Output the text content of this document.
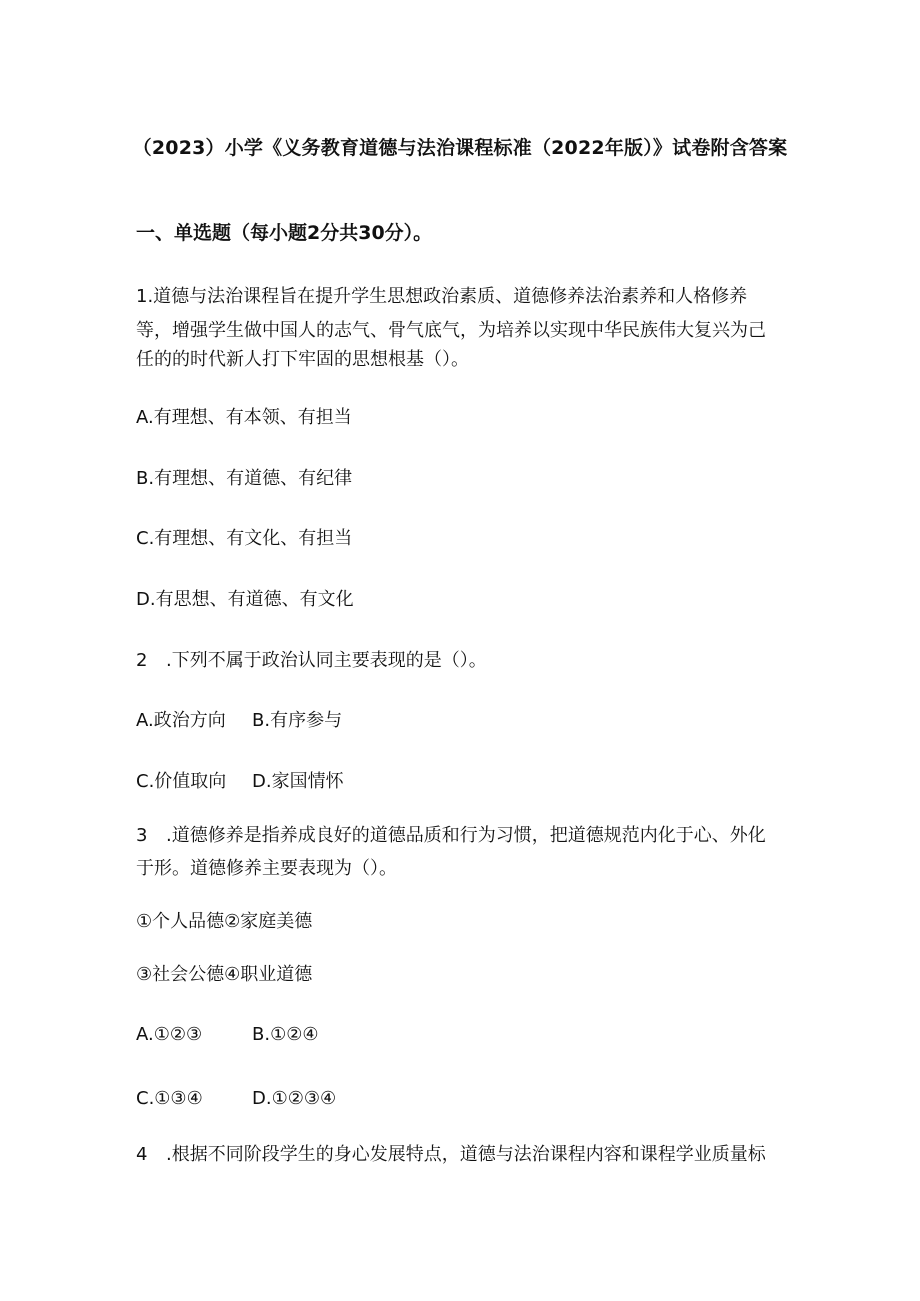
（2023）小学《义务教育道德与法治课程标准（2022年版）》试卷附含答案
一、单选题（每小题2分共30分）。
1.道德与法治课程旨在提升学生思想政治素质、道德修养法治素养和人格修养
等，增强学生做中国人的志气、骨气底气，为培养以实现中华民族伟大复兴为己
任的的时代新人打下牢固的思想根基（）。
A.有理想、有本领、有担当
B.有理想、有道德、有纪律
C.有理想、有文化、有担当
D.有思想、有道德、有文化
2 .下列不属于政治认同主要表现的是（）。
A.政治方向 B.有序参与
C.价值取向 D.家国情怀
3 .道德修养是指养成良好的道德品质和行为习惯，把道德规范内化于心、外化
于形。道德修养主要表现为（）。
①个人品德②家庭美德
③社会公德④职业道德
A.①②③	B.①②④
C.①③④	D.①②③④
4 .根据不同阶段学生的身心发展特点，道德与法治课程内容和课程学业质量标
